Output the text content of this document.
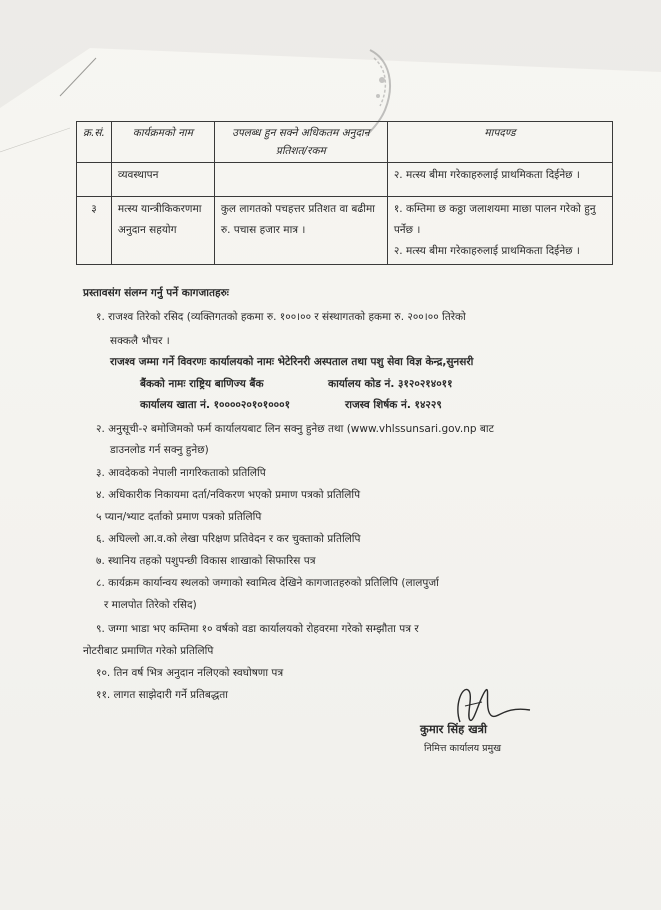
क्र.सं.	कार्यक्रमको नाम	उपलब्ध हुन सक्ने अधिकतम अनुदान प्रतिशत/रकम	मापदण्ड
	व्यवस्थापन		२. मत्स्य बीमा गरेकाहरुलाई प्राथमिकता दिईनेछ ।

३	मत्स्य यान्त्रीकिकरणमा अनुदान सहयोग	कुल लागतको पचहत्तर प्रतिशत वा बढीमा रु. पचास हजार मात्र ।	१. कम्तिमा छ कठ्ठा जलाशयमा माछा पालन गरेको हुनु पर्नेछ ।
२. मत्स्य बीमा गरेकाहरुलाई प्राथमिकता दिईनेछ ।
प्रस्तावसंग संलग्न गर्नु पर्ने कागजातहरुः
१. राजश्व तिरेको रसिद (व्यक्तिगतको हकमा रु. १००।०० र संस्थागतको हकमा रु. २००।०० तिरेको
सक्कलै भौचर ।
राजश्व जम्मा गर्ने विवरणः कार्यालयको नामः भेटेरिनरी अस्पताल तथा पशु सेवा विज्ञ केन्द्र,सुनसरी
बैंकको नामः राष्ट्रिय बाणिज्य बैंक	कार्यालय कोड नं. ३१२०२१४०११
कार्यालय खाता नं. १००००२०१०१०००१	राजस्व शिर्षक नं. १४२२९
२. अनुसूची-२ बमोजिमको फर्म कार्यालयबाट लिन सक्नु हुनेछ तथा (www.vhlssunsari.gov.np बाट
डाउनलोड गर्न सक्नु हुनेछ)
३. आवदेकको नेपाली नागरिकताको प्रतिलिपि
४. अधिकारीक निकायमा दर्ता/नविकरण भएको प्रमाण पत्रको प्रतिलिपि
५ प्यान/भ्याट दर्ताको प्रमाण पत्रको प्रतिलिपि
६. अघिल्लो आ.व.को लेखा परिक्षण प्रतिवेदन र कर चुक्ताको प्रतिलिपि
७. स्थानिय तहको पशुपन्छी विकास शाखाको सिफारिस पत्र
८. कार्यक्रम कार्यान्वय स्थलको जग्गाको स्वामित्व देखिने कागजातहरुको प्रतिलिपि (लालपुर्जा
र मालपोत तिरेको रसिद)
९. जग्गा भाडा भए कम्तिमा १० वर्षको वडा कार्यालयको रोहवरमा गरेको सम्झौता पत्र र
नोटरीबाट प्रमाणित गरेको प्रतिलिपि
१०. तिन वर्ष भित्र अनुदान नलिएको स्वघोषणा पत्र
११. लागत साझेदारी गर्ने प्रतिबद्धता
कुमार सिंह खत्री
निमित्त कार्यालय प्रमुख
